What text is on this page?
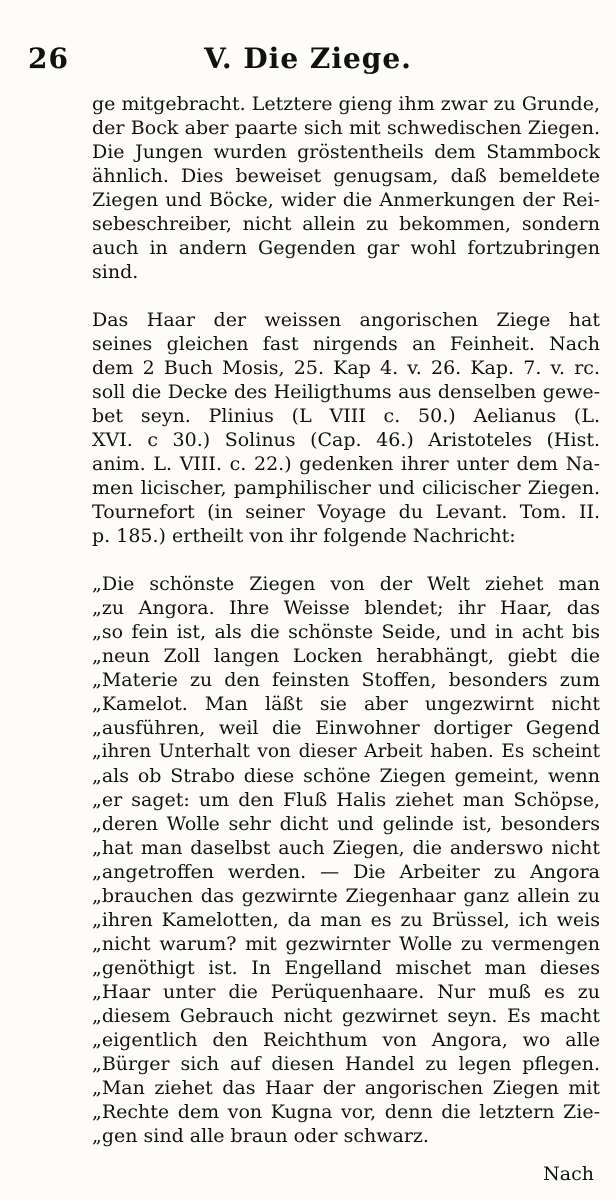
26	V. Die Ziege.
ge mitgebracht. Letztere gieng ihm zwar zu Grunde,
der Bock aber paarte sich mit schwedischen Ziegen.
Die Jungen wurden gröstentheils dem Stammbock
ähnlich. Dies beweiset genugsam, daß bemeldete
Ziegen und Böcke, wider die Anmerkungen der Rei-
sebeschreiber, nicht allein zu bekommen, sondern
auch in andern Gegenden gar wohl fortzubringen
sind.
Das Haar der weissen angorischen Ziege hat
seines gleichen fast nirgends an Feinheit. Nach
dem 2 Buch Mosis, 25. Kap 4. v. 26. Kap. 7. v. rc.
soll die Decke des Heiligthums aus denselben gewe-
bet seyn. Plinius (L VIII c. 50.) Aelianus (L.
XVI. c 30.) Solinus (Cap. 46.) Aristoteles (Hist.
anim. L. VIII. c. 22.) gedenken ihrer unter dem Na-
men licischer, pamphilischer und cilicischer Ziegen.
Tournefort (in seiner Voyage du Levant. Tom. II.
p. 185.) ertheilt von ihr folgende Nachricht:
„Die schönste Ziegen von der Welt ziehet man
„zu Angora. Ihre Weisse blendet; ihr Haar, das
„so fein ist, als die schönste Seide, und in acht bis
„neun Zoll langen Locken herabhängt, giebt die
„Materie zu den feinsten Stoffen, besonders zum
„Kamelot. Man läßt sie aber ungezwirnt nicht
„ausführen, weil die Einwohner dortiger Gegend
„ihren Unterhalt von dieser Arbeit haben. Es scheint
„als ob Strabo diese schöne Ziegen gemeint, wenn
„er saget: um den Fluß Halis ziehet man Schöpse,
„deren Wolle sehr dicht und gelinde ist, besonders
„hat man daselbst auch Ziegen, die anderswo nicht
„angetroffen werden. — Die Arbeiter zu Angora
„brauchen das gezwirnte Ziegenhaar ganz allein zu
„ihren Kamelotten, da man es zu Brüssel, ich weis
„nicht warum? mit gezwirnter Wolle zu vermengen
„genöthigt ist. In Engelland mischet man dieses
„Haar unter die Perüquenhaare. Nur muß es zu
„diesem Gebrauch nicht gezwirnet seyn. Es macht
„eigentlich den Reichthum von Angora, wo alle
„Bürger sich auf diesen Handel zu legen pflegen.
„Man ziehet das Haar der angorischen Ziegen mit
„Rechte dem von Kugna vor, denn die letztern Zie-
„gen sind alle braun oder schwarz.
Nach
